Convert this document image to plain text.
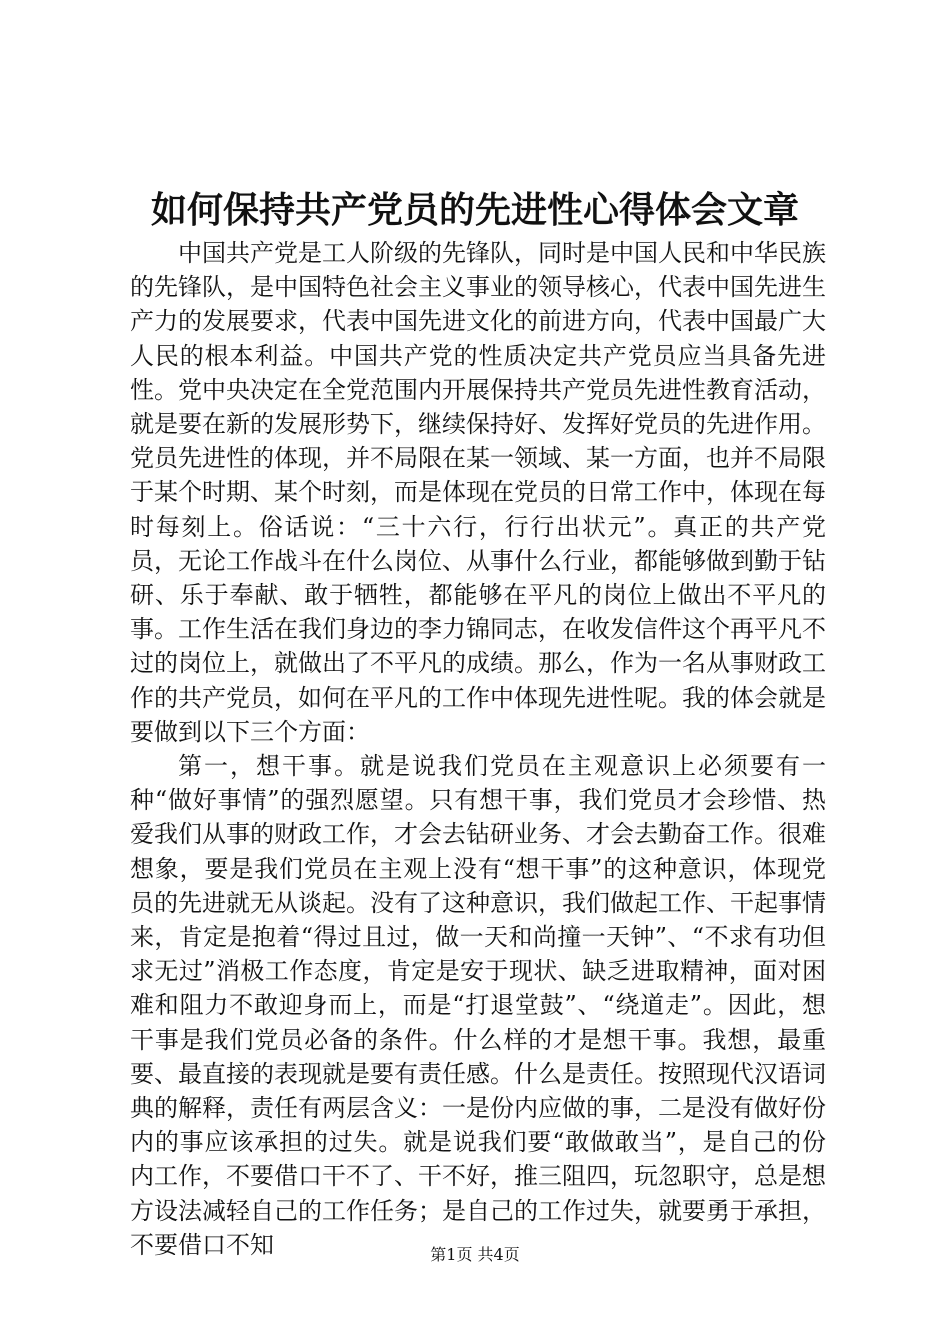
如何保持共产党员的先进性心得体会文章

中国共产党是工人阶级的先锋队，同时是中国人民和中华民族的先锋队，是中国特色社会主义事业的领导核心，代表中国先进生产力的发展要求，代表中国先进文化的前进方向，代表中国最广大人民的根本利益。中国共产党的性质决定共产党员应当具备先进性。党中央决定在全党范围内开展保持共产党员先进性教育活动，就是要在新的发展形势下，继续保持好、发挥好党员的先进作用。党员先进性的体现，并不局限在某一领域、某一方面，也并不局限于某个时期、某个时刻，而是体现在党员的日常工作中，体现在每时每刻上。俗话说：“三十六行，行行出状元”。真正的共产党员，无论工作战斗在什么岗位、从事什么行业，都能够做到勤于钻研、乐于奉献、敢于牺牲，都能够在平凡的岗位上做出不平凡的事。工作生活在我们身边的李力锦同志，在收发信件这个再平凡不过的岗位上，就做出了不平凡的成绩。那么，作为一名从事财政工作的共产党员，如何在平凡的工作中体现先进性呢。我的体会就是要做到以下三个方面：

第一，想干事。就是说我们党员在主观意识上必须要有一种“做好事情”的强烈愿望。只有想干事，我们党员才会珍惜、热爱我们从事的财政工作，才会去钻研业务、才会去勤奋工作。很难想象，要是我们党员在主观上没有“想干事”的这种意识，体现党员的先进就无从谈起。没有了这种意识，我们做起工作、干起事情来，肯定是抱着“得过且过，做一天和尚撞一天钟”、“不求有功但求无过”消极工作态度，肯定是安于现状、缺乏进取精神，面对困难和阻力不敢迎身而上，而是“打退堂鼓”、“绕道走”。因此，想干事是我们党员必备的条件。什么样的才是想干事。我想，最重要、最直接的表现就是要有责任感。什么是责任。按照现代汉语词典的解释，责任有两层含义：一是份内应做的事，二是没有做好份内的事应该承担的过失。就是说我们要“敢做敢当”，是自己的份内工作，不要借口干不了、干不好，推三阻四，玩忽职守，总是想方设法减轻自己的工作任务；是自己的工作过失，就要勇于承担，不要借口不知	第1页 共4页
